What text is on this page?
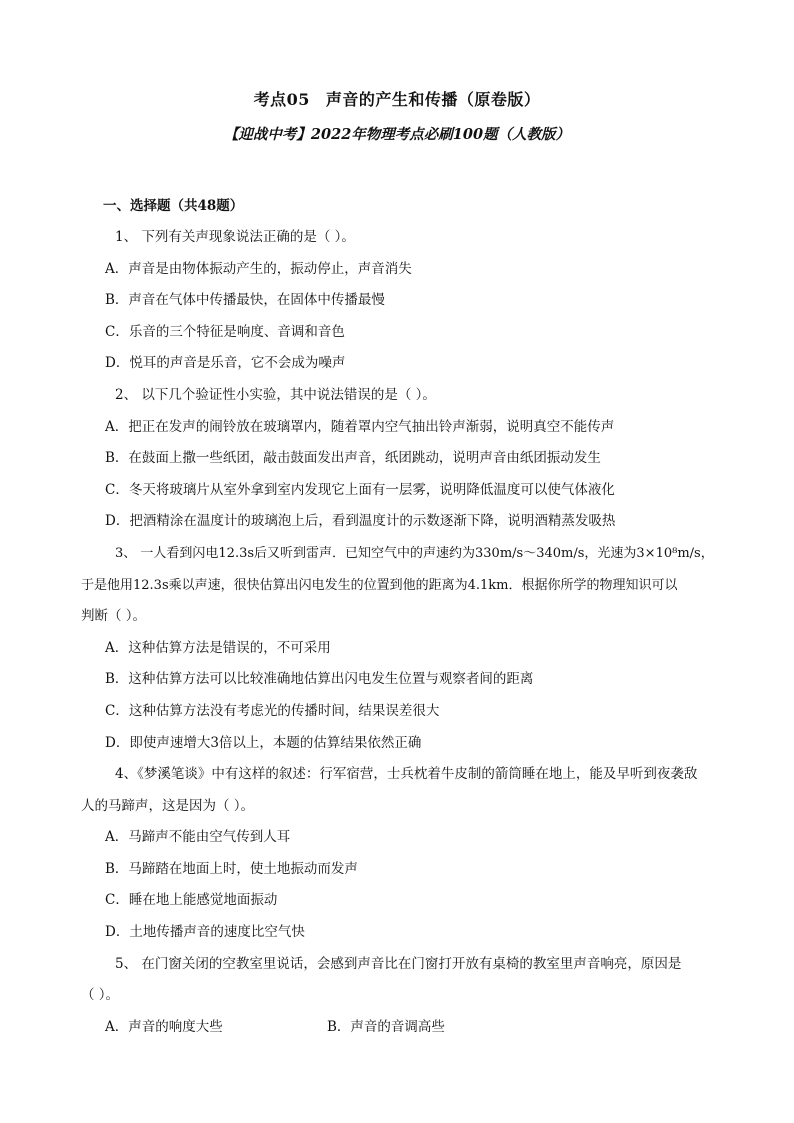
考点05 声音的产生和传播（原卷版）
【迎战中考】2022年物理考点必刷100题（人教版）
一、选择题（共48题）
1、 下列有关声现象说法正确的是（ ）。
A．声音是由物体振动产生的，振动停止，声音消失
B．声音在气体中传播最快，在固体中传播最慢
C．乐音的三个特征是响度、音调和音色
D．悦耳的声音是乐音，它不会成为噪声
2、 以下几个验证性小实验，其中说法错误的是（ ）。
A．把正在发声的闹铃放在玻璃罩内，随着罩内空气抽出铃声渐弱，说明真空不能传声
B．在鼓面上撒一些纸团，敲击鼓面发出声音，纸团跳动，说明声音由纸团振动发生
C．冬天将玻璃片从室外拿到室内发现它上面有一层雾，说明降低温度可以使气体液化
D．把酒精涂在温度计的玻璃泡上后，看到温度计的示数逐渐下降，说明酒精蒸发吸热
3、 一人看到闪电12.3s后又听到雷声．已知空气中的声速约为330m/s～340m/s，光速为3×10⁸m/s，
于是他用12.3s乘以声速，很快估算出闪电发生的位置到他的距离为4.1km．根据你所学的物理知识可以
判断（ ）。
A．这种估算方法是错误的，不可采用
B．这种估算方法可以比较准确地估算出闪电发生位置与观察者间的距离
C．这种估算方法没有考虑光的传播时间，结果误差很大
D．即使声速增大3倍以上，本题的估算结果依然正确
4、《梦溪笔谈》中有这样的叙述：行军宿营，士兵枕着牛皮制的箭筒睡在地上，能及早听到夜袭敌
人的马蹄声，这是因为（ ）。
A．马蹄声不能由空气传到人耳
B．马蹄踏在地面上时，使土地振动而发声
C．睡在地上能感觉地面振动
D．土地传播声音的速度比空气快
5、 在门窗关闭的空教室里说话，会感到声音比在门窗打开放有桌椅的教室里声音响亮，原因是
（ ）。
A．声音的响度大些	B．声音的音调高些
